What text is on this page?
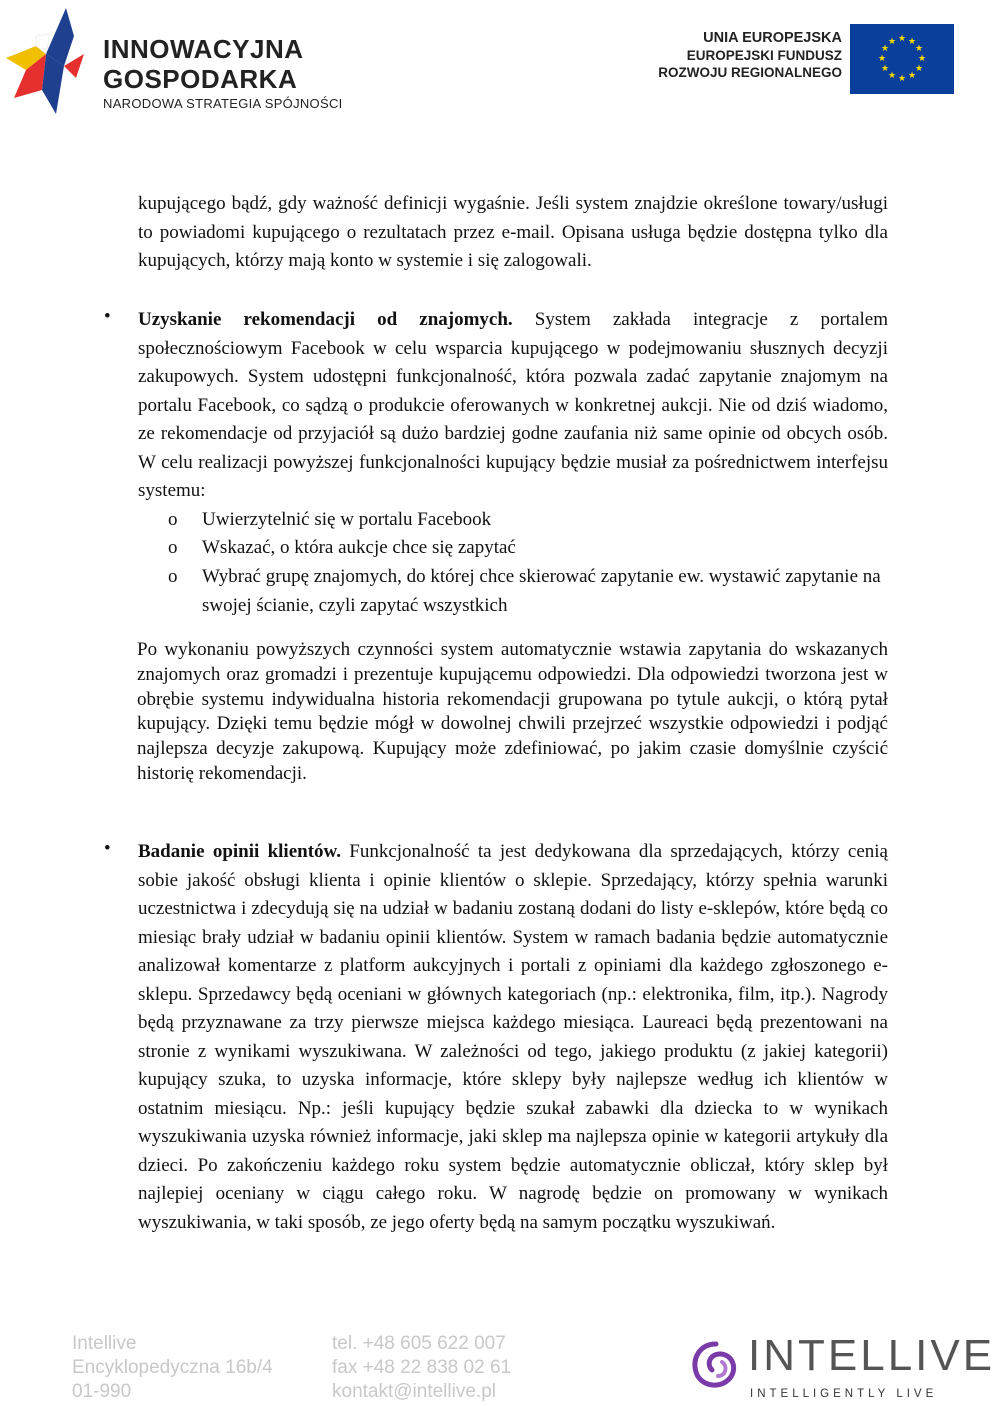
INNOWACYJNA
GOSPODARKA
NARODOWA STRATEGIA SPÓJNOŚCI
UNIA EUROPEJSKA
EUROPEJSKI FUNDUSZ
ROZWOJU REGIONALNEGO
★ ★
★
★
★
★
★
★
★
★
★
★
kupującego bądź, gdy ważność definicji wygaśnie. Jeśli system znajdzie określone towary/usługi to powiadomi kupującego o rezultatach przez e-mail. Opisana usługa będzie dostępna tylko dla kupujących, którzy mają konto w systemie i się zalogowali.
• Uzyskanie rekomendacji od znajomych. System zakłada integracje z portalem społecznościowym Facebook w celu wsparcia kupującego w podejmowaniu słusznych decyzji zakupowych. System udostępni funkcjonalność, która pozwala zadać zapytanie znajomym na portalu Facebook, co sądzą o produkcie oferowanych w konkretnej aukcji. Nie od dziś wiadomo, ze rekomendacje od przyjaciół są dużo bardziej godne zaufania niż same opinie od obcych osób. W celu realizacji powyższej funkcjonalności kupujący będzie musiał za pośrednictwem interfejsu systemu:
o Uwierzytelnić się w portalu Facebook
o Wskazać, o która aukcje chce się zapytać
o Wybrać grupę znajomych, do której chce skierować zapytanie ew. wystawić zapytanie na swojej ścianie, czyli zapytać wszystkich
Po wykonaniu powyższych czynności system automatycznie wstawia zapytania do wskazanych znajomych oraz gromadzi i prezentuje kupującemu odpowiedzi. Dla odpowiedzi tworzona jest w obrębie systemu indywidualna historia rekomendacji grupowana po tytule aukcji, o którą pytał kupujący. Dzięki temu będzie mógł w dowolnej chwili przejrzeć wszystkie odpowiedzi i podjąć najlepsza decyzje zakupową. Kupujący może zdefiniować, po jakim czasie domyślnie czyścić historię rekomendacji.
• Badanie opinii klientów. Funkcjonalność ta jest dedykowana dla sprzedających, którzy cenią sobie jakość obsługi klienta i opinie klientów o sklepie. Sprzedający, którzy spełnia warunki uczestnictwa i zdecydują się na udział w badaniu zostaną dodani do listy e-sklepów, które będą co miesiąc brały udział w badaniu opinii klientów. System w ramach badania będzie automatycznie analizował komentarze z platform aukcyjnych i portali z opiniami dla każdego zgłoszonego e-sklepu. Sprzedawcy będą oceniani w głównych kategoriach (np.: elektronika, film, itp.). Nagrody będą przyznawane za trzy pierwsze miejsca każdego miesiąca. Laureaci będą prezentowani na stronie z wynikami wyszukiwana. W zależności od tego, jakiego produktu (z jakiej kategorii) kupujący szuka, to uzyska informacje, które sklepy były najlepsze według ich klientów w ostatnim miesiącu. Np.: jeśli kupujący będzie szukał zabawki dla dziecka to w wynikach wyszukiwania uzyska również informacje, jaki sklep ma najlepsza opinie w kategorii artykuły dla dzieci. Po zakończeniu każdego roku system będzie automatycznie obliczał, który sklep był najlepiej oceniany w ciągu całego roku. W nagrodę będzie on promowany w wynikach wyszukiwania, w taki sposób, ze jego oferty będą na samym początku wyszukiwań.
Intellive
Encyklopedyczna 16b/4
01-990
tel. +48 605 622 007
fax +48 22 838 02 61
kontakt@intellive.pl
INTELLIVE
INTELLIGENTLY LIVE
